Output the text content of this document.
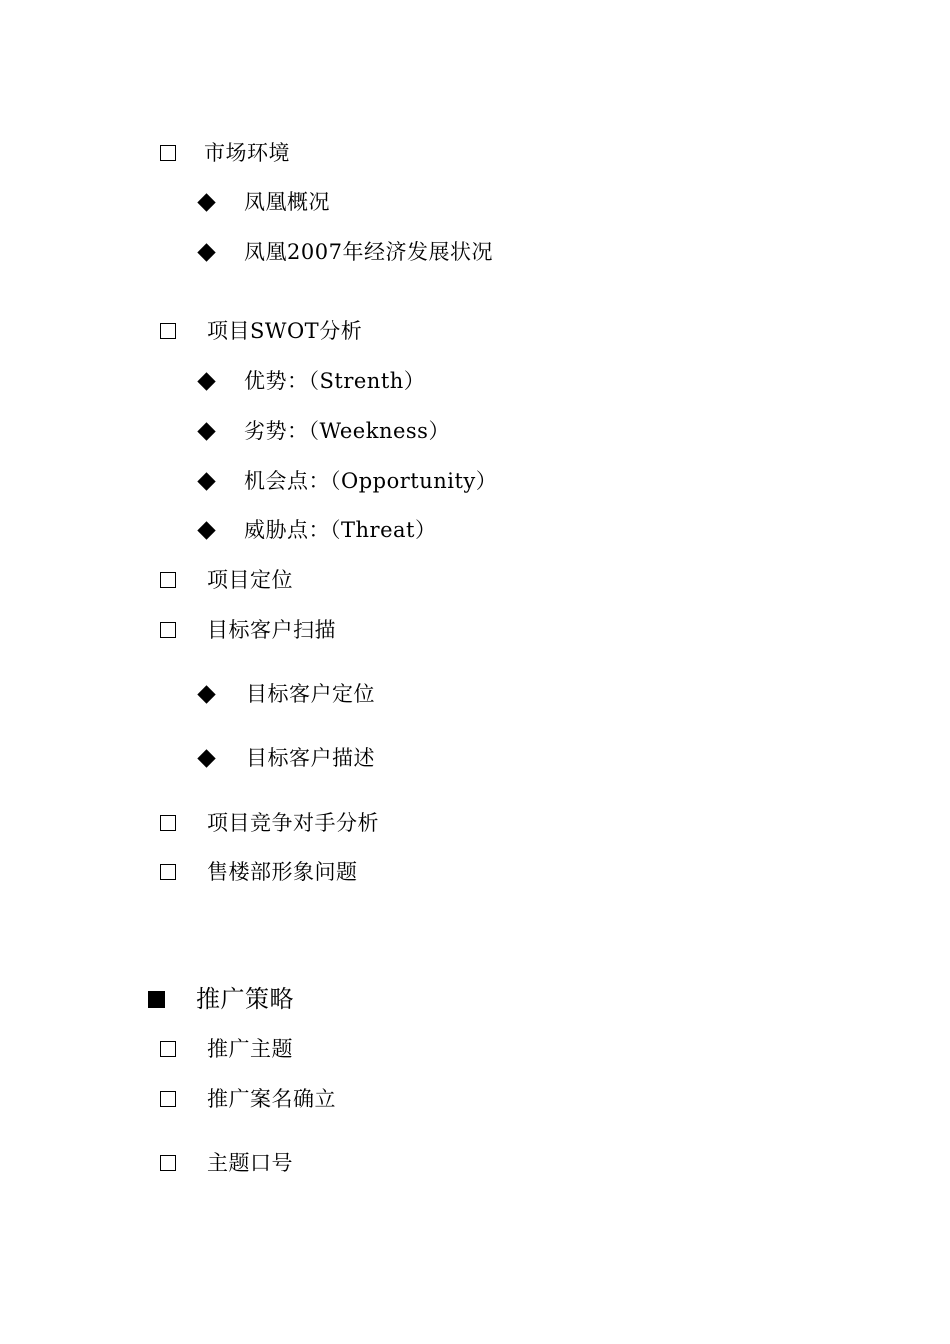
市场环境
凤凰概况
凤凰2007年经济发展状况
项目SWOT分析
优势：（Strenth）
劣势：（Weekness）
机会点：（Opportunity）
威胁点：（Threat）
项目定位
目标客户扫描
目标客户定位
目标客户描述
项目竞争对手分析
售楼部形象问题
推广策略
推广主题
推广案名确立
主题口号
